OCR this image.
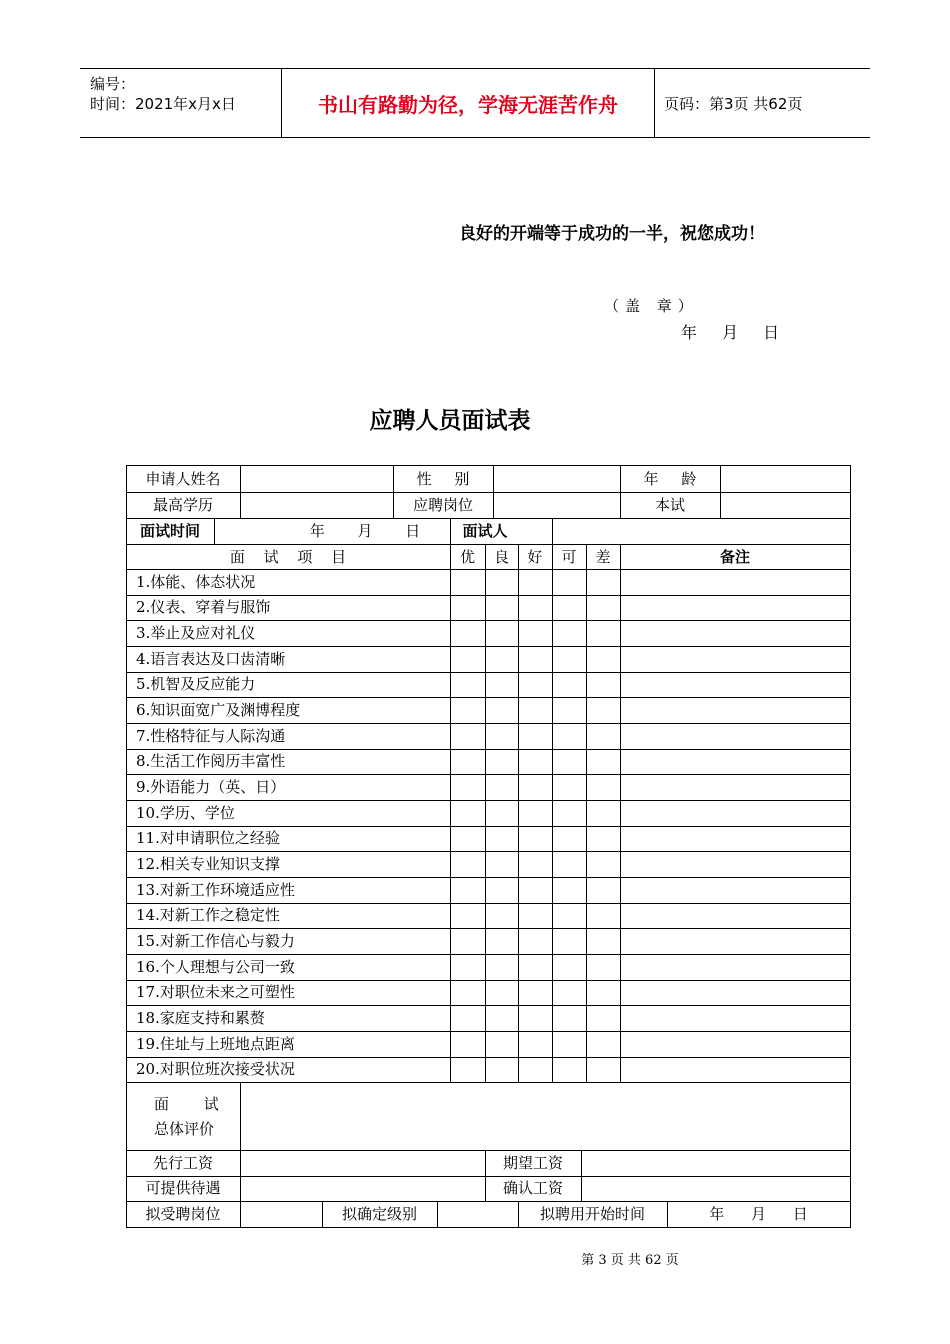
编号：
时间：2021年x月x日	书山有路勤为径，学海无涯苦作舟	页码：第3页 共62页
良好的开端等于成功的一半，祝您成功！
（盖 章）
年 月 日
应聘人员面试表
申请人姓名	性 别	年 龄
最高学历	应聘岗位	本试
面试时间	年 月 日	面试人
面 试 项 目	优	良	好	可	差	备注
1.体能、体态状况
2.仪表、穿着与服饰
3.举止及应对礼仪
4.语言表达及口齿清晰
5.机智及反应能力
6.知识面宽广及渊博程度
7.性格特征与人际沟通
8.生活工作阅历丰富性
9.外语能力（英、日）
10.学历、学位
11.对申请职位之经验
12.相关专业知识支撑
13.对新工作环境适应性
14.对新工作之稳定性
15.对新工作信心与毅力
16.个人理想与公司一致
17.对职位未来之可塑性
18.家庭支持和累赘
19.住址与上班地点距离
20.对职位班次接受状况
面 试
总体评价
先行工资	期望工资
可提供待遇	确认工资
拟受聘岗位	拟确定级别	拟聘用开始时间	年 月 日
第 3 页 共 62 页
